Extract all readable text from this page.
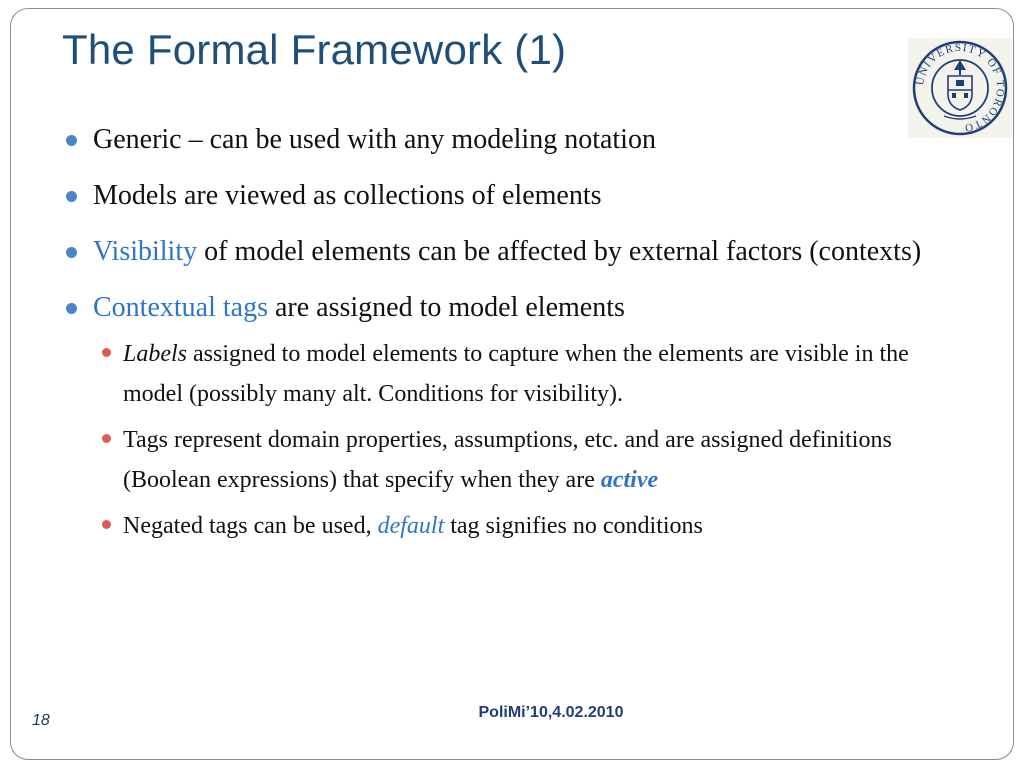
The Formal Framework (1)
UNIVERSITY OF TORONTO
Generic – can be used with any modeling notation
Models are viewed as collections of elements
Visibility of model elements can be affected by external factors (contexts)
Contextual tags are assigned to model elements
Labels assigned to model elements to capture when the elements are visible in the model (possibly many alt. Conditions for visibility).
Tags represent domain properties, assumptions, etc. and are assigned definitions (Boolean expressions) that specify when they are active
Negated tags can be used, default tag signifies no conditions
18	PoliMi’10,4.02.2010
